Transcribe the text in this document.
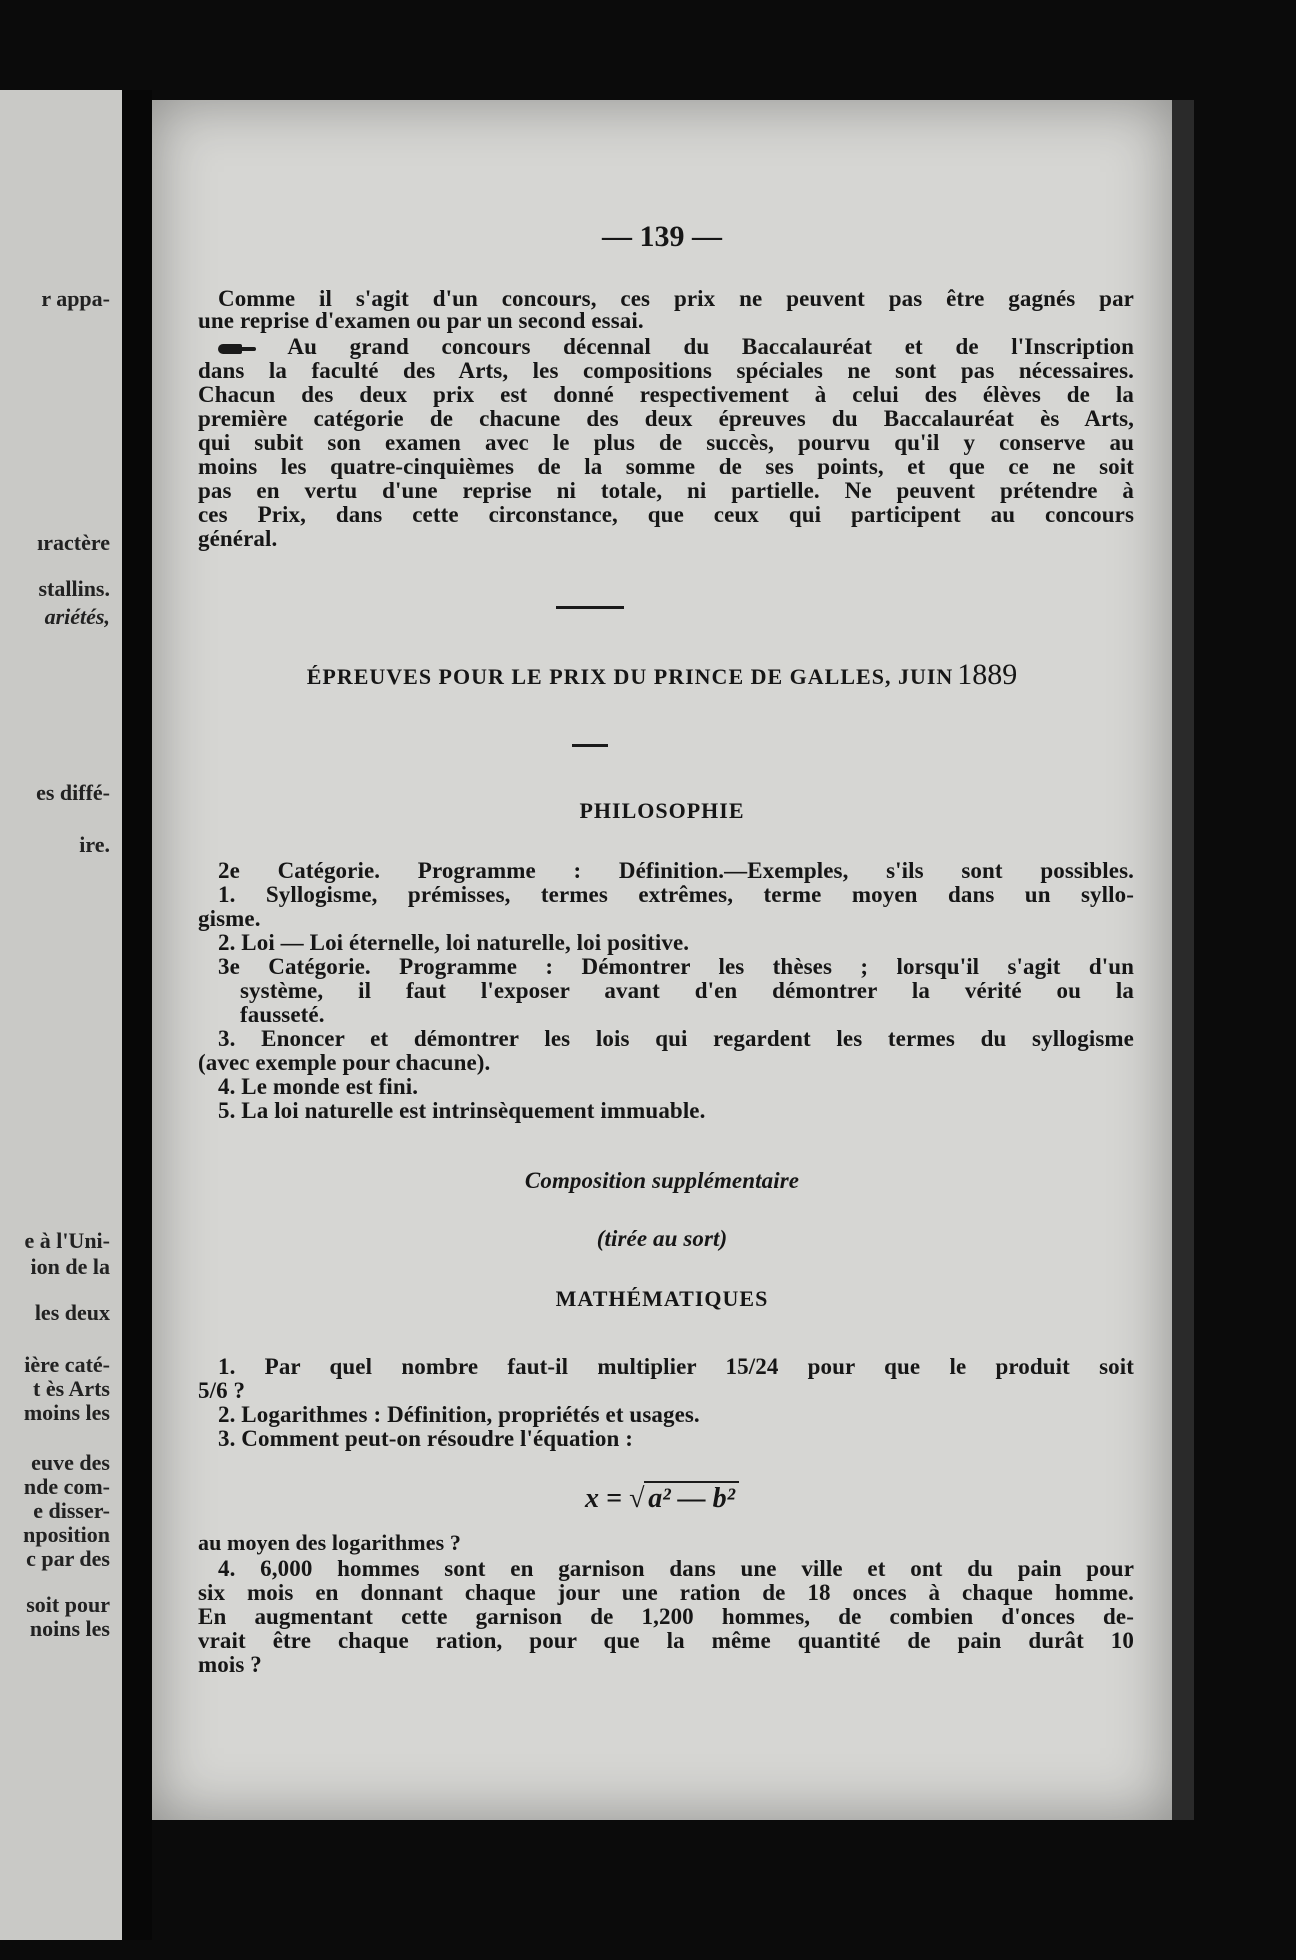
r appa-
ıractère
stallins.
ariétés,
es diffé-
ire.
e à l'Uni-
ion de la
les deux
ière caté-
t ès Arts
moins les
euve des
nde com-
e disser-
nposition
c par des
soit pour
noins les
— 139 —
Comme il s'agit d'un concours, ces prix ne peuvent pas être gagnés par
une reprise d'examen ou par un second essai.
Au grand concours décennal du Baccalauréat et de l'Inscription
dans la faculté des Arts, les compositions spéciales ne sont pas nécessaires.
Chacun des deux prix est donné respectivement à celui des élèves de la
première catégorie de chacune des deux épreuves du Baccalauréat ès Arts,
qui subit son examen avec le plus de succès, pourvu qu'il y conserve au
moins les quatre-cinquièmes de la somme de ses points, et que ce ne soit
pas en vertu d'une reprise ni totale, ni partielle. Ne peuvent prétendre à
ces Prix, dans cette circonstance, que ceux qui participent au concours
général.
ÉPREUVES POUR LE PRIX DU PRINCE DE GALLES, JUIN 1889
PHILOSOPHIE
2e Catégorie. Programme : Définition.—Exemples, s'ils sont possibles.
1. Syllogisme, prémisses, termes extrêmes, terme moyen dans un syllo-
gisme.
2. Loi — Loi éternelle, loi naturelle, loi positive.
3e Catégorie. Programme : Démontrer les thèses ; lorsqu'il s'agit d'un
système, il faut l'exposer avant d'en démontrer la vérité ou la
fausseté.
3. Enoncer et démontrer les lois qui regardent les termes du syllogisme
(avec exemple pour chacune).
4. Le monde est fini.
5. La loi naturelle est intrinsèquement immuable.
Composition supplémentaire
(tirée au sort)
MATHÉMATIQUES
1. Par quel nombre faut-il multiplier 15/24 pour que le produit soit
5/6 ?
2. Logarithmes : Définition, propriétés et usages.
3. Comment peut-on résoudre l'équation :
x = √ a² — b²
au moyen des logarithmes ?
4. 6,000 hommes sont en garnison dans une ville et ont du pain pour
six mois en donnant chaque jour une ration de 18 onces à chaque homme.
En augmentant cette garnison de 1,200 hommes, de combien d'onces de-
vrait être chaque ration, pour que la même quantité de pain durât 10
mois ?
